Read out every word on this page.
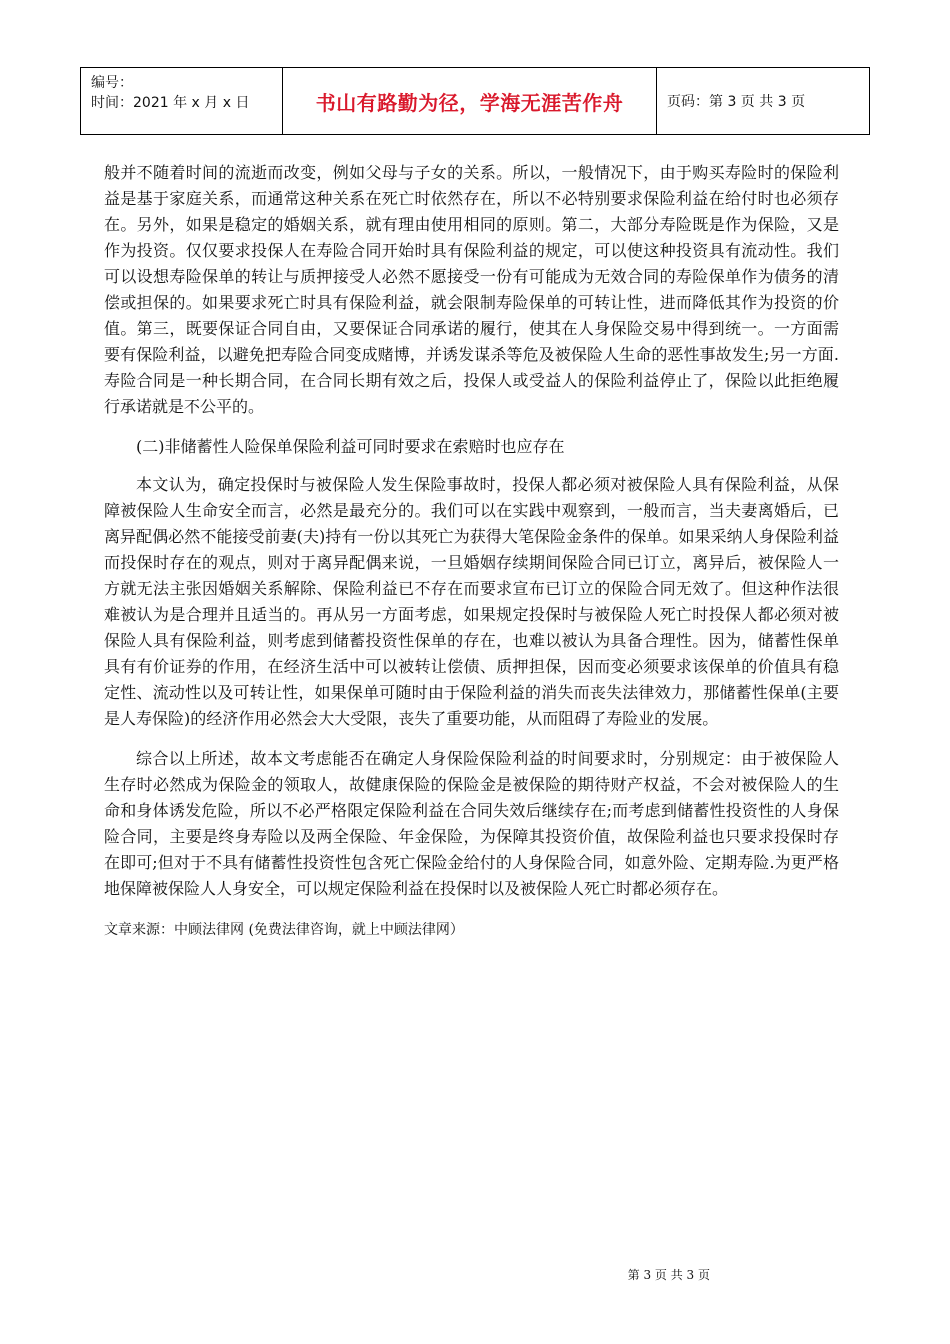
编号：
时间：2021 年 x 月 x 日	书山有路勤为径，学海无涯苦作舟	页码：第 3 页 共 3 页

般并不随着时间的流逝而改变，例如父母与子女的关系。所以，一般情况下，由于购买寿险时的保险利益是基于家庭关系，而通常这种关系在死亡时依然存在，所以不必特别要求保险利益在给付时也必须存在。另外，如果是稳定的婚姻关系，就有理由使用相同的原则。第二，大部分寿险既是作为保险，又是作为投资。仅仅要求投保人在寿险合同开始时具有保险利益的规定，可以使这种投资具有流动性。我们可以设想寿险保单的转让与质押接受人必然不愿接受一份有可能成为无效合同的寿险保单作为债务的清偿或担保的。如果要求死亡时具有保险利益，就会限制寿险保单的可转让性，进而降低其作为投资的价值。第三，既要保证合同自由，又要保证合同承诺的履行，使其在人身保险交易中得到统一。一方面需要有保险利益，以避免把寿险合同变成赌博，并诱发谋杀等危及被保险人生命的恶性事故发生;另一方面.寿险合同是一种长期合同，在合同长期有效之后，投保人或受益人的保险利益停止了，保险以此拒绝履行承诺就是不公平的。

(二)非储蓄性人险保单保险利益可同时要求在索赔时也应存在

本文认为，确定投保时与被保险人发生保险事故时，投保人都必须对被保险人具有保险利益，从保障被保险人生命安全而言，必然是最充分的。我们可以在实践中观察到，一般而言，当夫妻离婚后，已离异配偶必然不能接受前妻(夫)持有一份以其死亡为获得大笔保险金条件的保单。如果采纳人身保险利益而投保时存在的观点，则对于离异配偶来说，一旦婚姻存续期间保险合同已订立，离异后，被保险人一方就无法主张因婚姻关系解除、保险利益已不存在而要求宣布已订立的保险合同无效了。但这种作法很难被认为是合理并且适当的。再从另一方面考虑，如果规定投保时与被保险人死亡时投保人都必须对被保险人具有保险利益，则考虑到储蓄投资性保单的存在，也难以被认为具备合理性。因为，储蓄性保单具有有价证券的作用，在经济生活中可以被转让偿债、质押担保，因而变必须要求该保单的价值具有稳定性、流动性以及可转让性，如果保单可随时由于保险利益的消失而丧失法律效力，那储蓄性保单(主要是人寿保险)的经济作用必然会大大受限，丧失了重要功能，从而阻碍了寿险业的发展。

综合以上所述，故本文考虑能否在确定人身保险保险利益的时间要求时，分别规定：由于被保险人生存时必然成为保险金的领取人，故健康保险的保险金是被保险的期待财产权益，不会对被保险人的生命和身体诱发危险，所以不必严格限定保险利益在合同失效后继续存在;而考虑到储蓄性投资性的人身保险合同，主要是终身寿险以及两全保险、年金保险，为保障其投资价值，故保险利益也只要求投保时存在即可;但对于不具有储蓄性投资性包含死亡保险金给付的人身保险合同，如意外险、定期寿险.为更严格地保障被保险人人身安全，可以规定保险利益在投保时以及被保险人死亡时都必须存在。

文章来源：中顾法律网 (免费法律咨询，就上中顾法律网）

第 3 页 共 3 页
